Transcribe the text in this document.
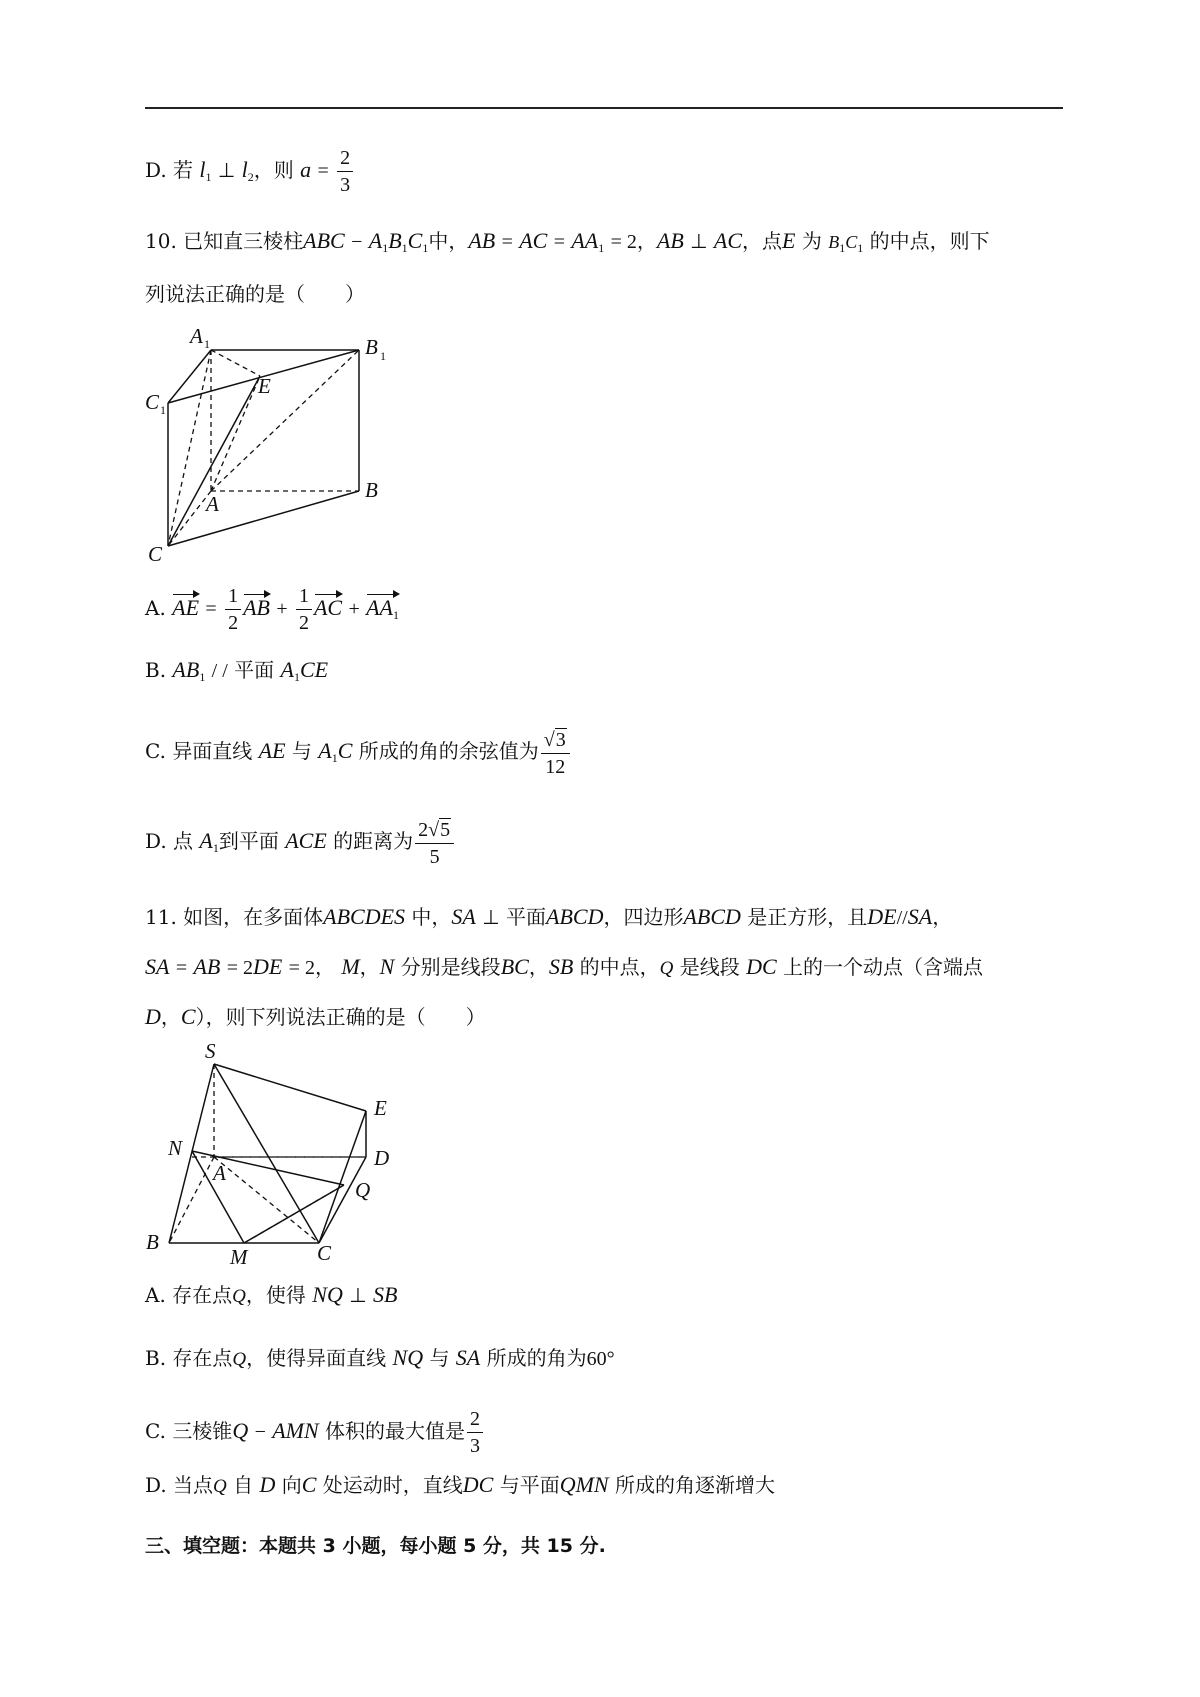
D. 若 $l_1$ ⊥ $l_2$，则 $a = \frac{2}{3}$
10. 已知直三棱柱ABC − $A_1B_1C_1$中，AB = AC = $AA_1 = 2$，AB ⊥ AC，点E 为 $B_1C_1$ 的中点，则下
列说法正确的是（　　）
A 1	B 1
C 1
E
A
B
C
A. AE = $\frac{1}{2}$ AB + $\frac{1}{2}$ AC + $AA_1$
B. $AB_1$ / / 平面 $A_1CE$
C. 异面直线 AE 与 $A_1C$ 所成的角的余弦值为 $\frac{√3}{12}$
D. 点 $A_1$到平面 ACE 的距离为 $\frac{2√5}{5}$
11. 如图，在多面体ABCDES 中，SA ⊥ 平面ABCD，四边形ABCD 是正方形，且DE//SA，
SA = AB = 2DE = 2， M，N 分别是线段BC，SB 的中点，Q 是线段 DC 上的一个动点（含端点
D，C），则下列说法正确的是（　　）
S
E
N
A
D
Q
B
M	C
A. 存在点Q，使得 NQ ⊥ SB
B. 存在点Q，使得异面直线 NQ 与 SA 所成的角为60°
C. 三棱锥Q − AMN 体积的最大值是 $\frac{2}{3}$
D. 当点Q 自 D 向C 处运动时，直线DC 与平面QMN 所成的角逐渐增大
三、填空题：本题共 3 小题，每小题 5 分，共 15 分.
